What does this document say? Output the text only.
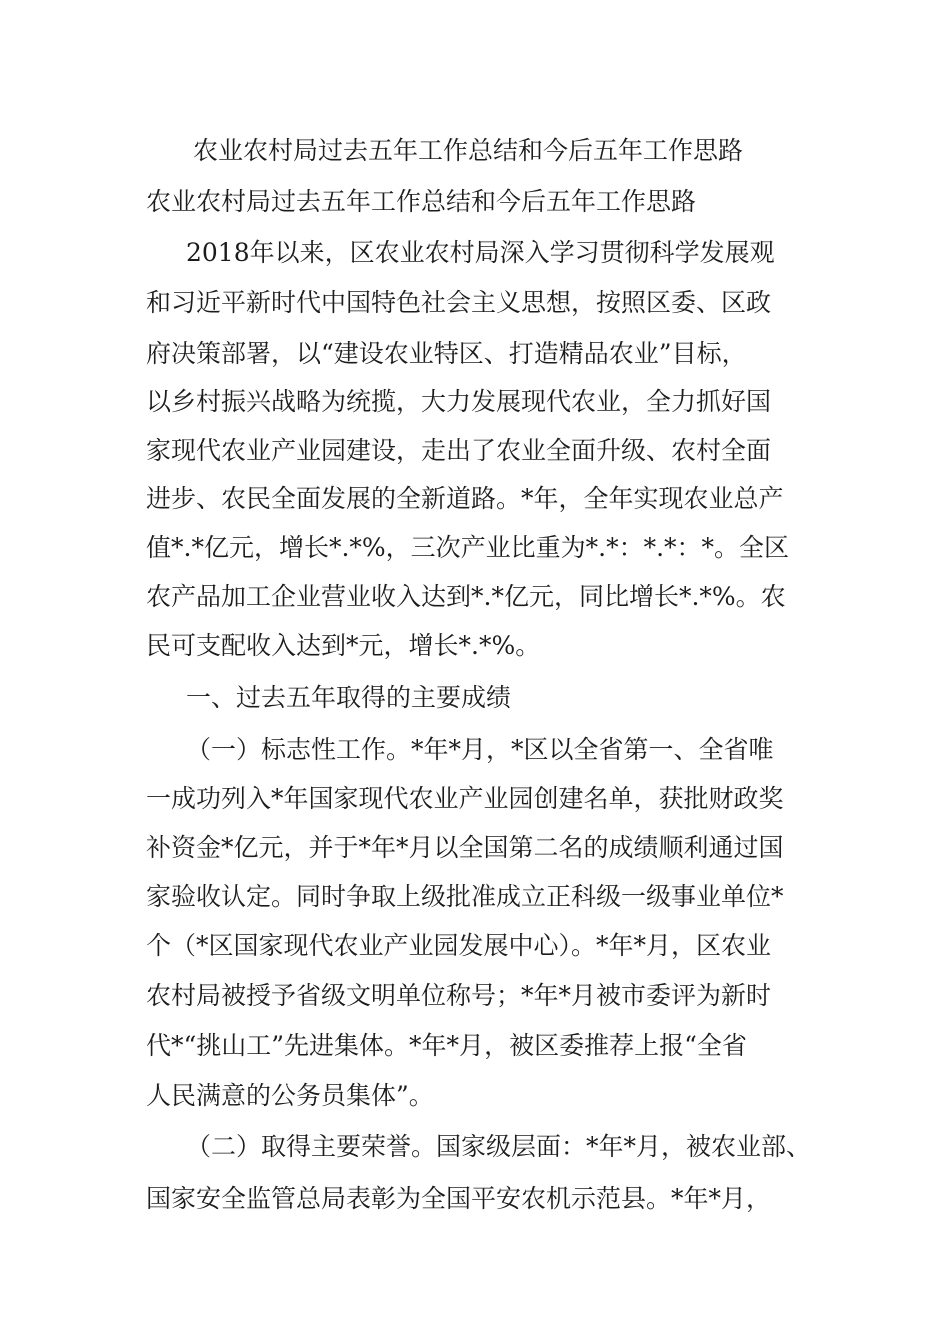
农业农村局过去五年工作总结和今后五年工作思路
农业农村局过去五年工作总结和今后五年工作思路
2018年以来，区农业农村局深入学习贯彻科学发展观
和习近平新时代中国特色社会主义思想，按照区委、区政
府决策部署，以“建设农业特区、打造精品农业”目标，
以乡村振兴战略为统揽，大力发展现代农业，全力抓好国
家现代农业产业园建设，走出了农业全面升级、农村全面
进步、农民全面发展的全新道路。*年，全年实现农业总产
值*.*亿元，增长*.*%，三次产业比重为*.*：*.*：*。全区
农产品加工企业营业收入达到*.*亿元，同比增长*.*%。农
民可支配收入达到*元，增长*.*%。
一、过去五年取得的主要成绩
（一）标志性工作。*年*月，*区以全省第一、全省唯
一成功列入*年国家现代农业产业园创建名单，获批财政奖
补资金*亿元，并于*年*月以全国第二名的成绩顺利通过国
家验收认定。同时争取上级批准成立正科级一级事业单位*
个（*区国家现代农业产业园发展中心）。*年*月，区农业
农村局被授予省级文明单位称号；*年*月被市委评为新时
代*“挑山工”先进集体。*年*月，被区委推荐上报“全省
人民满意的公务员集体”。
（二）取得主要荣誉。国家级层面：*年*月，被农业部、
国家安全监管总局表彰为全国平安农机示范县。*年*月，
